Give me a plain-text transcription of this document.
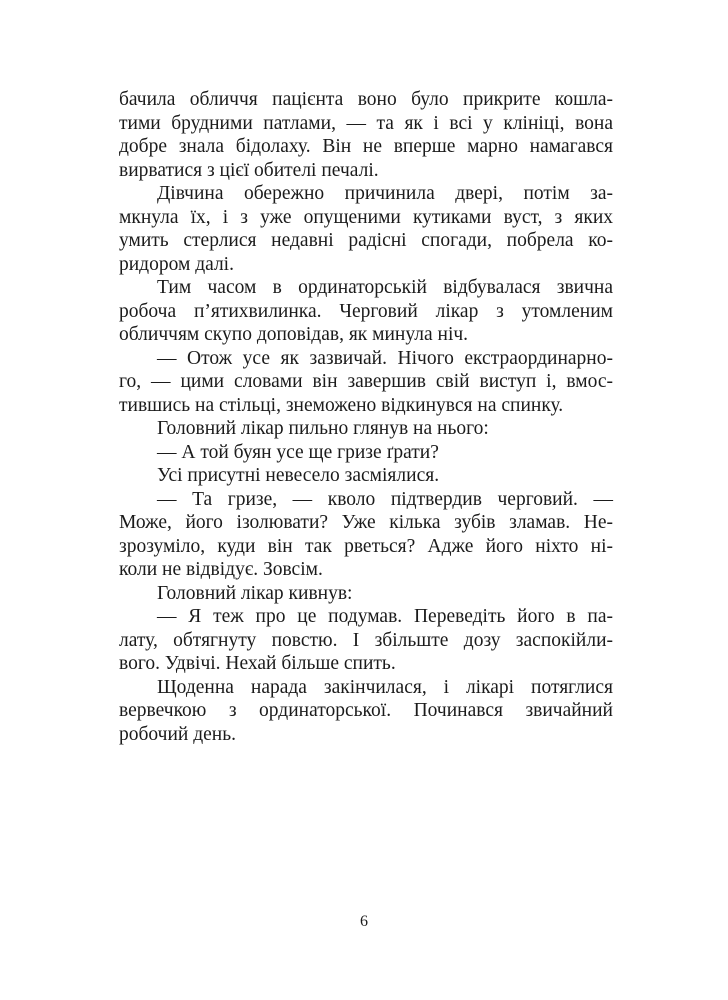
бачила обличчя пацієнта воно було прикрите кошла-
тими брудними патлами, — та як і всі у клініці, вона
добре знала бідолаху. Він не вперше марно намагався
вирватися з цієї обителі печалі.
Дівчина обережно причинила двері, потім за-
мкнула їх, і з уже опущеними кутиками вуст, з яких
умить стерлися недавні радісні спогади, побрела ко-
ридором далі.
Тим часом в ординаторській відбувалася звична
робоча п’ятихвилинка. Черговий лікар з утомленим
обличчям скупо доповідав, як минула ніч.
— Отож усе як зазвичай. Нічого екстраординарно-
го, — цими словами він завершив свій виступ і, вмос-
тившись на стільці, знеможено відкинувся на спинку.
Головний лікар пильно глянув на нього:
— А той буян усе ще гризе ґрати?
Усі присутні невесело засміялися.
— Та гризе, — кволо підтвердив черговий. —
Може, його ізолювати? Уже кілька зубів зламав. Не-
зрозуміло, куди він так рветься? Адже його ніхто ні-
коли не відвідує. Зовсім.
Головний лікар кивнув:
— Я теж про це подумав. Переведіть його в па-
лату, обтягнуту повстю. І збільште дозу заспокійли-
вого. Удвічі. Нехай більше спить.
Щоденна нарада закінчилася, і лікарі потяглися
вервечкою з ординаторської. Починався звичайний
робочий день.
6
